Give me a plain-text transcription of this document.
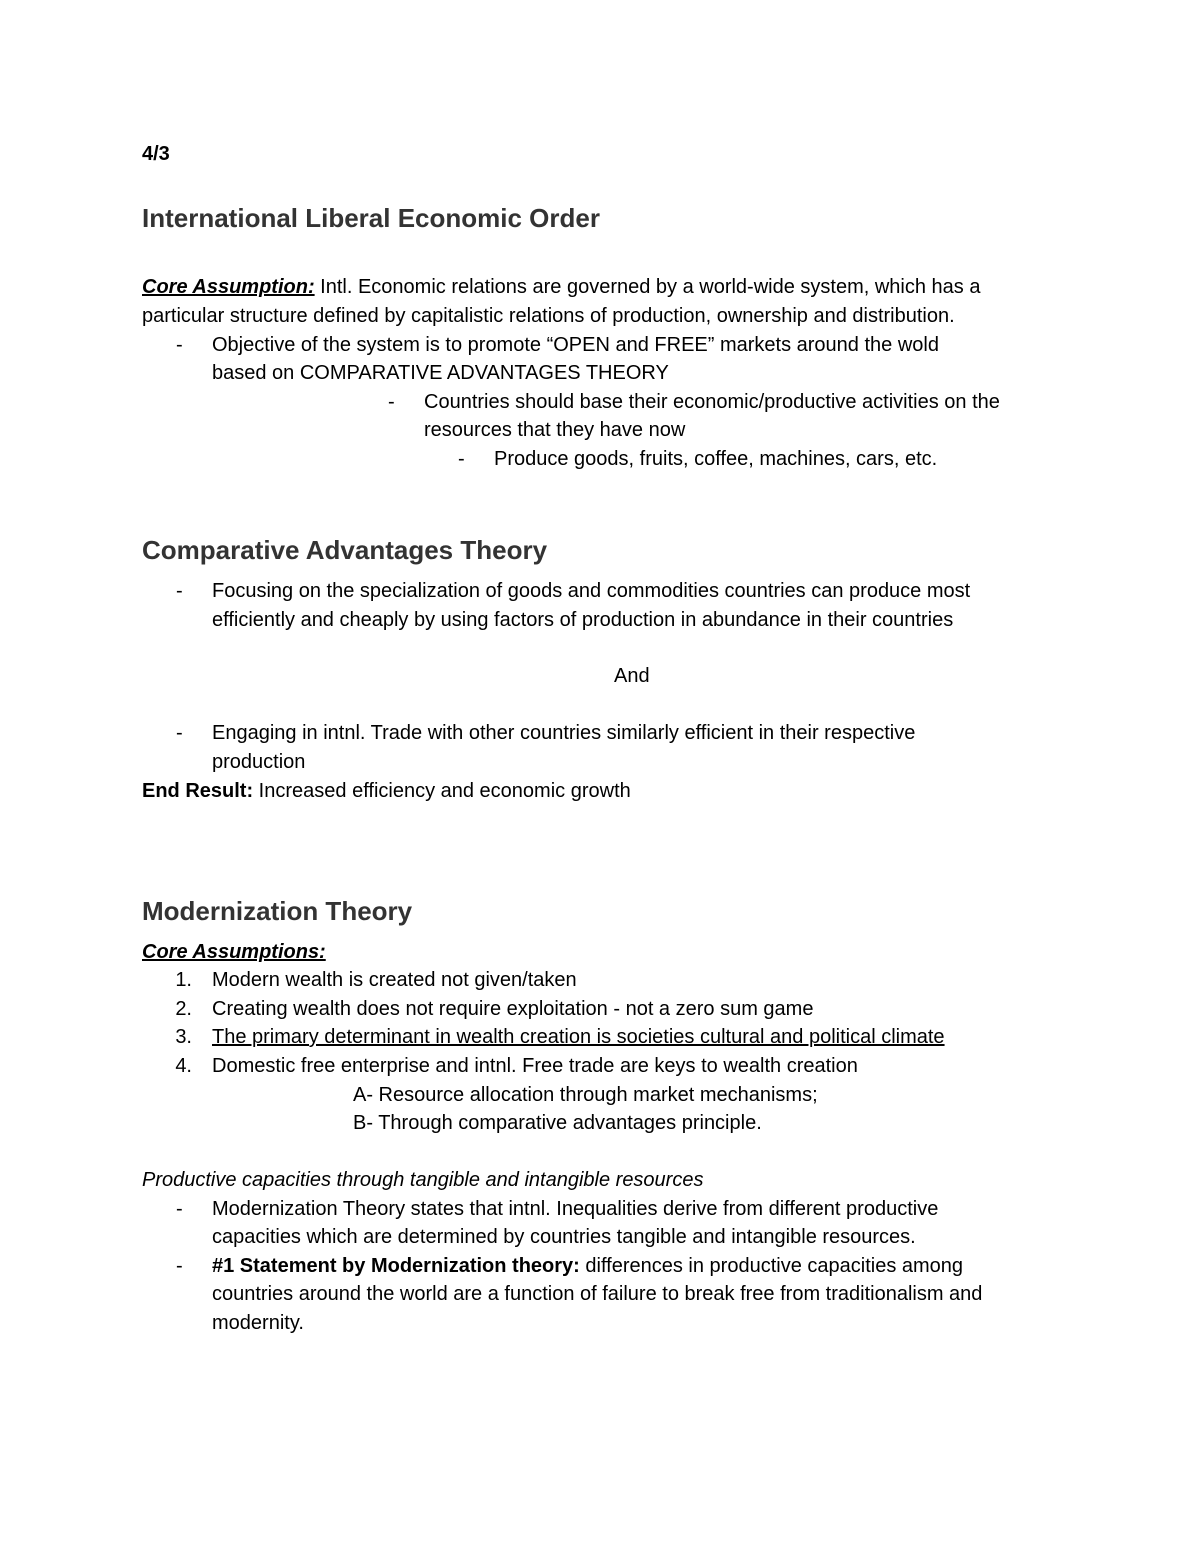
4/3
International Liberal Economic Order
Core Assumption: Intl. Economic relations are governed by a world-wide system, which has a
particular structure defined by capitalistic relations of production, ownership and distribution.
- Objective of the system is to promote “OPEN and FREE” markets around the wold
based on COMPARATIVE ADVANTAGES THEORY
- Countries should base their economic/productive activities on the
resources that they have now
- Produce goods, fruits, coffee, machines, cars, etc.
Comparative Advantages Theory
- Focusing on the specialization of goods and commodities countries can produce most
efficiently and cheaply by using factors of production in abundance in their countries
And
- Engaging in intnl. Trade with other countries similarly efficient in their respective
production
End Result: Increased efficiency and economic growth
Modernization Theory
Core Assumptions:
1. Modern wealth is created not given/taken
2. Creating wealth does not require exploitation - not a zero sum game
3. The primary determinant in wealth creation is societies cultural and political climate
4. Domestic free enterprise and intnl. Free trade are keys to wealth creation
A- Resource allocation through market mechanisms;
B- Through comparative advantages principle.
Productive capacities through tangible and intangible resources
- Modernization Theory states that intnl. Inequalities derive from different productive
capacities which are determined by countries tangible and intangible resources.
- #1 Statement by Modernization theory: differences in productive capacities among
countries around the world are a function of failure to break free from traditionalism and
modernity.
